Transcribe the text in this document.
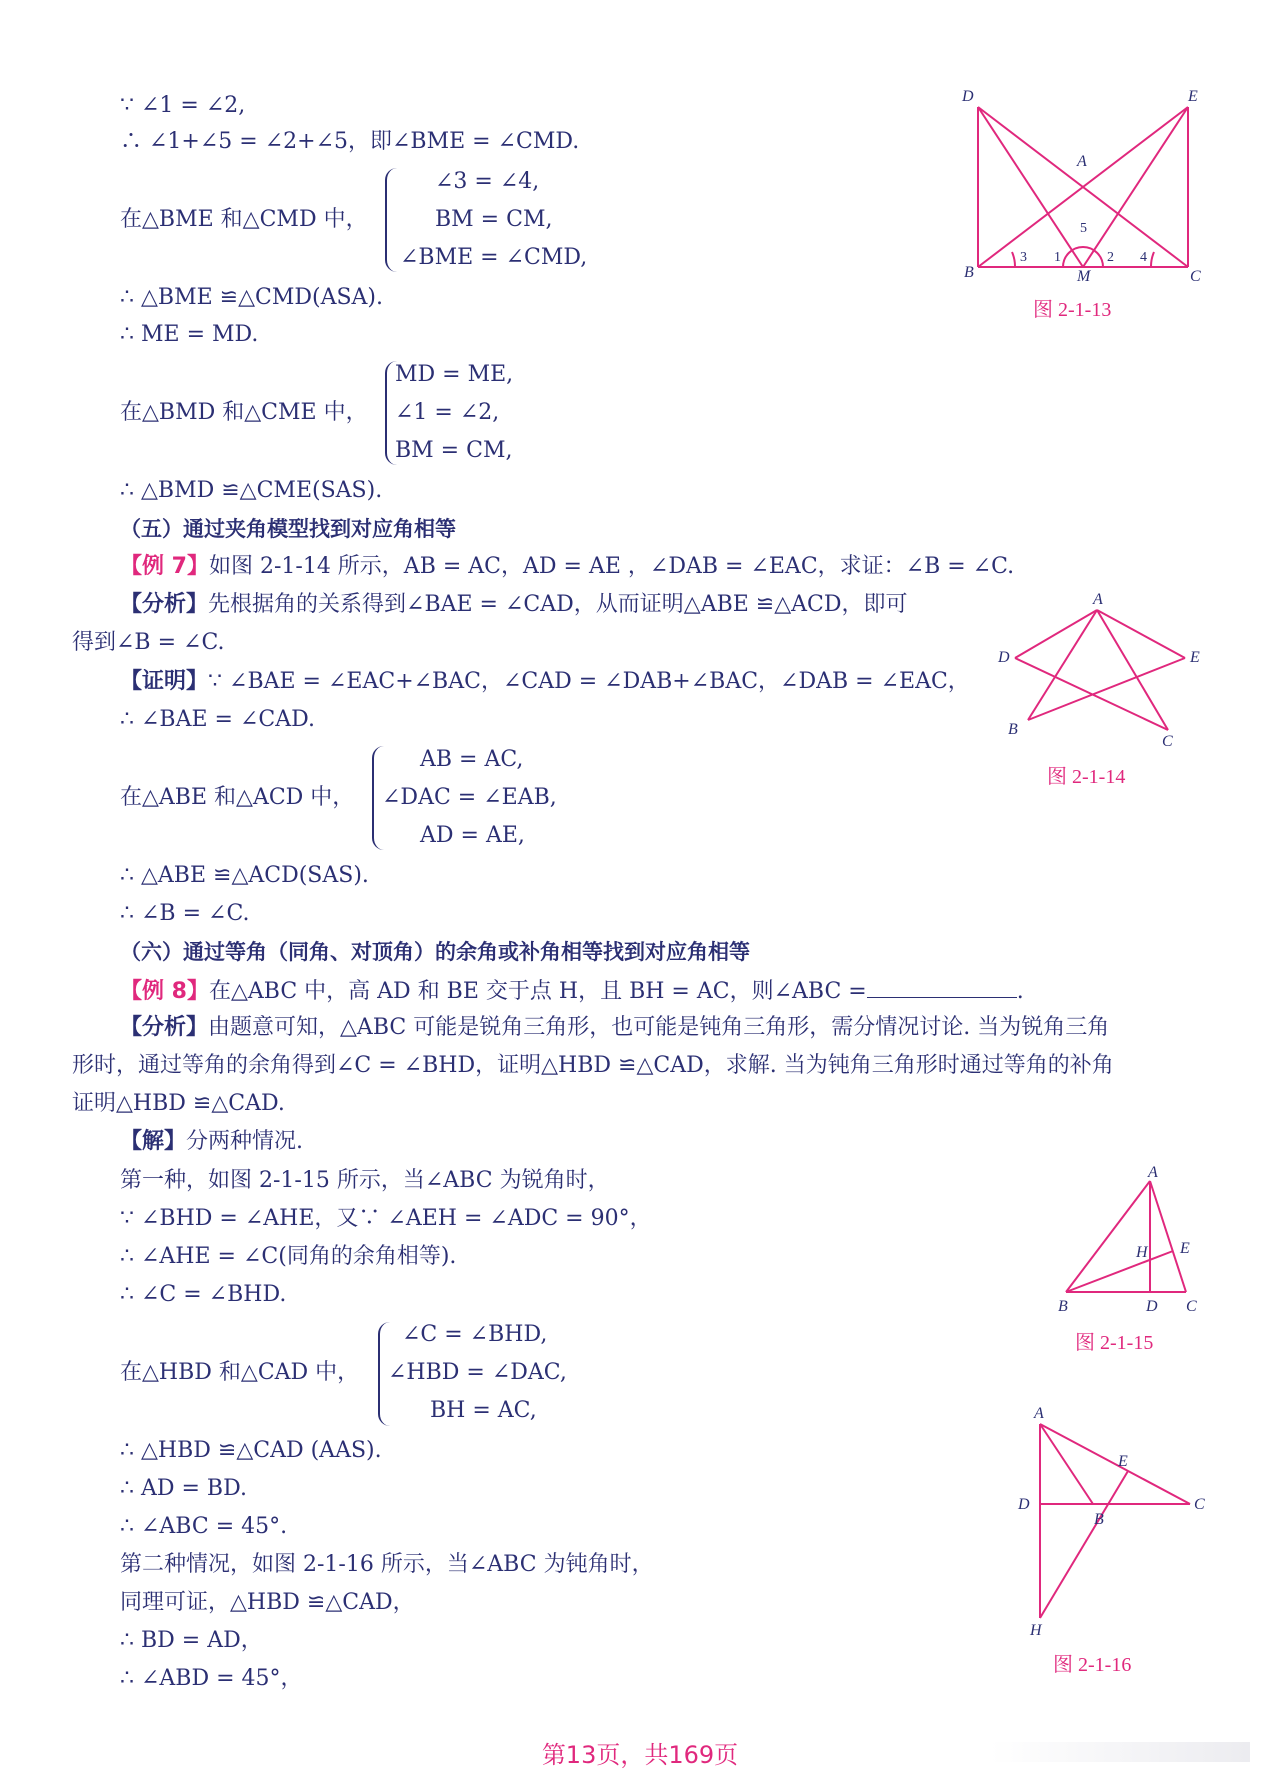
∵ ∠1 = ∠2,
∴ ∠1+∠5 = ∠2+∠5，即∠BME = ∠CMD.
在△BME 和△CMD 中，
∠3 = ∠4,
BM = CM,
∠BME = ∠CMD,
∴ △BME ≌△CMD(ASA).
∴ ME = MD.
在△BMD 和△CME 中，
MD = ME,
∠1 = ∠2,
BM = CM,
∴ △BMD ≌△CME(SAS).
（五）通过夹角模型找到对应角相等
【例 7】如图 2-1-14 所示，AB = AC，AD = AE ，∠DAB = ∠EAC，求证：∠B = ∠C.
【分析】先根据角的关系得到∠BAE = ∠CAD，从而证明△ABE ≌△ACD，即可
得到∠B = ∠C.
【证明】∵ ∠BAE = ∠EAC+∠BAC，∠CAD = ∠DAB+∠BAC，∠DAB = ∠EAC，
∴ ∠BAE = ∠CAD.
在△ABE 和△ACD 中，
AB = AC,
∠DAC = ∠EAB,
AD = AE,
∴ △ABE ≌△ACD(SAS).
∴ ∠B = ∠C.
（六）通过等角（同角、对顶角）的余角或补角相等找到对应角相等
【例 8】在△ABC 中，高 AD 和 BE 交于点 H，且 BH = AC，则∠ABC =	.
【分析】由题意可知，△ABC 可能是锐角三角形，也可能是钝角三角形，需分情况讨论. 当为锐角三角
形时，通过等角的余角得到∠C = ∠BHD，证明△HBD ≌△CAD，求解. 当为钝角三角形时通过等角的补角
证明△HBD ≌△CAD.
【解】分两种情况.
第一种，如图 2-1-15 所示，当∠ABC 为锐角时，
∵ ∠BHD = ∠AHE，又∵ ∠AEH = ∠ADC = 90°，
∴ ∠AHE = ∠C(同角的余角相等).
∴ ∠C = ∠BHD.
在△HBD 和△CAD 中，
∠C = ∠BHD,
∠HBD = ∠DAC,
BH = AC,
∴ △HBD ≌△CAD (AAS).
∴ AD = BD.
∴ ∠ABC = 45°.
第二种情况，如图 2-1-16 所示，当∠ABC 为钝角时，
同理可证，△HBD ≌△CAD，
∴ BD = AD，
∴ ∠ABD = 45°，
D	E
A
B	M	C
1	2
3	4
5
图 2-1-13
A
D	E
B
C
图 2-1-14
A
H E
B	D C
图 2-1-15
A
E
D	C
B
H
图 2-1-16
第13页，共169页
